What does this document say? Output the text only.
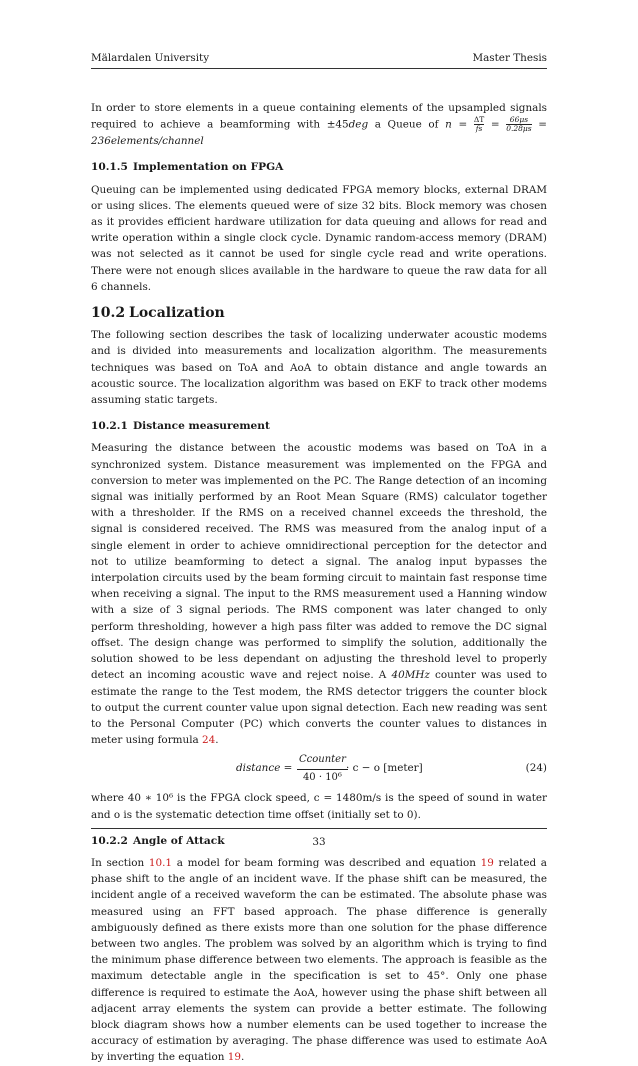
Mälardalen University	Master Thesis

In order to store elements in a queue containing elements of the upsampled signals required to achieve a beamforming with ±45deg a Queue of $n = \frac{\Delta T}{fs} = \frac{66\mu s}{0.28\mu s}$ = 236elements/channel

10.1.5 Implementation on FPGA

Queuing can be implemented using dedicated FPGA memory blocks, external DRAM or using slices. The elements queued were of size 32 bits. Block memory was chosen as it provides efficient hardware utilization for data queuing and allows for read and write operation within a single clock cycle. Dynamic random-access memory (DRAM) was not selected as it cannot be used for single cycle read and write operations. There were not enough slices available in the hardware to queue the raw data for all 6 channels.

10.2 Localization

The following section describes the task of localizing underwater acoustic modems and is divided into measurements and localization algorithm. The measurements techniques was based on ToA and AoA to obtain distance and angle towards an acoustic source. The localization algorithm was based on EKF to track other modems assuming static targets.

10.2.1 Distance measurement

Measuring the distance between the acoustic modems was based on ToA in a synchronized system. Distance measurement was implemented on the FPGA and conversion to meter was implemented on the PC. The Range detection of an incoming signal was initially performed by an Root Mean Square (RMS) calculator together with a thresholder. If the RMS on a received channel exceeds the threshold, the signal is considered received. The RMS was measured from the analog input of a single element in order to achieve omnidirectional perception for the detector and not to utilize beamforming to detect a signal. The analog input bypasses the interpolation circuits used by the beam forming circuit to maintain fast response time when receiving a signal. The input to the RMS measurement used a Hanning window with a size of 3 signal periods. The RMS component was later changed to only perform thresholding, however a high pass filter was added to remove the DC signal offset. The design change was performed to simplify the solution, additionally the solution showed to be less dependant on adjusting the threshold level to properly detect an incoming acoustic wave and reject noise. A 40MHz counter was used to estimate the range to the Test modem, the RMS detector triggers the counter block to output the current counter value upon signal detection. Each new reading was sent to the Personal Computer (PC) which converts the counter values to distances in meter using formula 24.

distance =
Ccounter
40 · 10⁶
· c − o [meter]	(24)

where 40 ∗ 10⁶ is the FPGA clock speed, c = 1480m/s is the speed of sound in water and o is the systematic detection time offset (initially set to 0).

10.2.2 Angle of Attack

In section 10.1 a model for beam forming was described and equation 19 related a phase shift to the angle of an incident wave. If the phase shift can be measured, the incident angle of a received waveform the can be estimated. The absolute phase was measured using an FFT based approach. The phase difference is generally ambiguously defined as there exists more than one solution for the phase difference between two angles. The problem was solved by an algorithm which is trying to find the minimum phase difference between two elements. The approach is feasible as the maximum detectable angle in the specification is set to 45°. Only one phase difference is required to estimate the AoA, however using the phase shift between all adjacent array elements the system can provide a better estimate. The following block diagram shows how a number elements can be used together to increase the accuracy of estimation by averaging. The phase difference was used to estimate AoA by inverting the equation 19.

33
